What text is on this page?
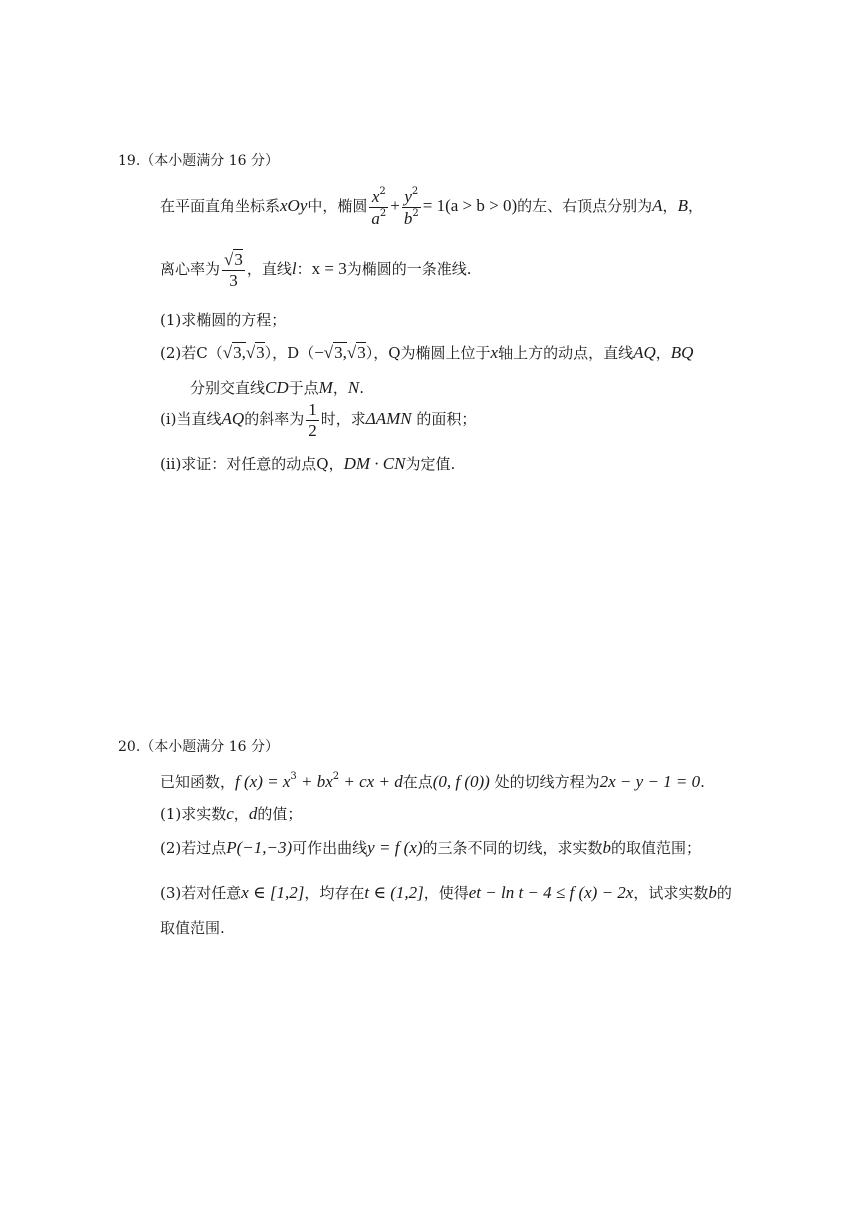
19.（本小题满分 16 分）
在平面直角坐标系xOy中，椭圆 $\frac{x^2}{a^2} + \frac{y^2}{b^2} = 1(a > b > 0)$的左、右顶点分别为A，B，
离心率为 $\frac{√3}{3}$ ，直线l：x = 3为椭圆的一条准线.
(1)求椭圆的方程；
(2)若C（√3,√3），D（−√3,√3），Q为椭圆上位于x轴上方的动点，直线AQ，BQ
分别交直线CD于点M，N.
(i)当直线AQ的斜率为 $\frac{1}{2}$ 时，求ΔAMN 的面积；
(ii)求证：对任意的动点Q，DM · CN为定值.
20.（本小题满分 16 分）
已知函数，f $(x) = x^3 + bx^2$ + cx + d在点(0, f (0)) 处的切线方程为2x − y − 1 = 0.
(1)求实数c，d的值；
(2)若过点P(−1,−3)可作出曲线y = f (x)的三条不同的切线，求实数b的取值范围；
(3)若对任意x ∈ [1,2]，均存在t ∈ (1,2]，使得et − ln t − 4 ≤ f (x) − 2x，试求实数b的
取值范围.
